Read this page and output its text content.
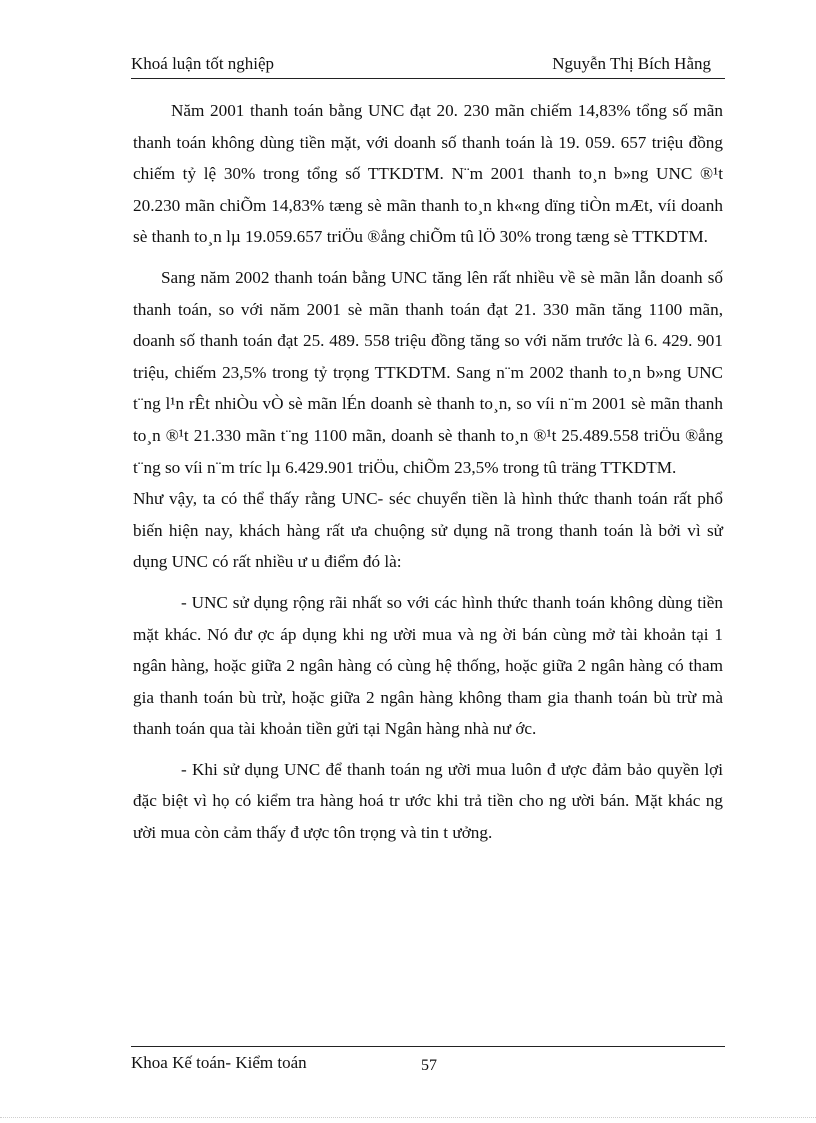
Khoá luận tốt nghiệp	Nguyễn Thị Bích Hằng

Năm 2001 thanh toán bằng UNC đạt 20. 230 mãn chiếm 14,83% tổng số mãn thanh toán không dùng tiền mặt, với doanh số thanh toán là 19. 059. 657 triệu đồng chiếm tỷ lệ 30% trong tổng số TTKDTM. N¨m 2001 thanh to¸n b»ng UNC ®¹t 20.230 mãn chiÕm 14,83% tæng sè mãn thanh to¸n kh«ng dïng tiÒn mÆt, víi doanh sè thanh to¸n lµ 19.059.657 triÖu ®ång chiÕm tû lÖ 30% trong tæng sè TTKDTM.

Sang năm 2002 thanh toán bằng UNC tăng lên rất nhiều về sè mãn lẫn doanh số thanh toán, so với năm 2001 sè mãn thanh toán đạt 21. 330 mãn tăng 1100 mãn, doanh số thanh toán đạt 25. 489. 558 triệu đồng tăng so với năm trước là 6. 429. 901 triệu, chiếm 23,5% trong tỷ trọng TTKDTM. Sang n¨m 2002 thanh to¸n b»ng UNC t¨ng l¹n rÊt nhiÒu vÒ sè mãn lÉn doanh sè thanh to¸n, so víi n¨m 2001 sè mãn thanh to¸n ®¹t 21.330 mãn t¨ng 1100 mãn, doanh sè thanh to¸n ®¹t 25.489.558 triÖu ®ång t¨ng so víi n¨m tríc lµ 6.429.901 triÖu, chiÕm 23,5% trong tû träng TTKDTM.

Như vậy, ta có thể thấy rằng UNC- séc chuyển tiền là hình thức thanh toán rất phổ biến hiện nay, khách hàng rất ưa chuộng sử dụng nã trong thanh toán là bởi vì sử dụng UNC có rất nhiều ư u điểm đó là:

- UNC sử dụng rộng rãi nhất so với các hình thức thanh toán không dùng tiền mặt khác. Nó đư ợc áp dụng khi ng ười mua và ng ời bán cùng mở tài khoản tại 1 ngân hàng, hoặc giữa 2 ngân hàng có cùng hệ thống, hoặc giữa 2 ngân hàng có tham gia thanh toán bù trừ, hoặc giữa 2 ngân hàng không tham gia thanh toán bù trừ mà thanh toán qua tài khoản tiền gửi tại Ngân hàng nhà nư ớc.

- Khi sử dụng UNC để thanh toán ng ười mua luôn đ ược đảm bảo quyền lợi đặc biệt vì họ có kiểm tra hàng hoá tr ước khi trả tiền cho ng ười bán. Mặt khác ng ười mua còn cảm thấy đ ược tôn trọng và tin t ưởng.

Khoa Kế toán- Kiểm toán	57
